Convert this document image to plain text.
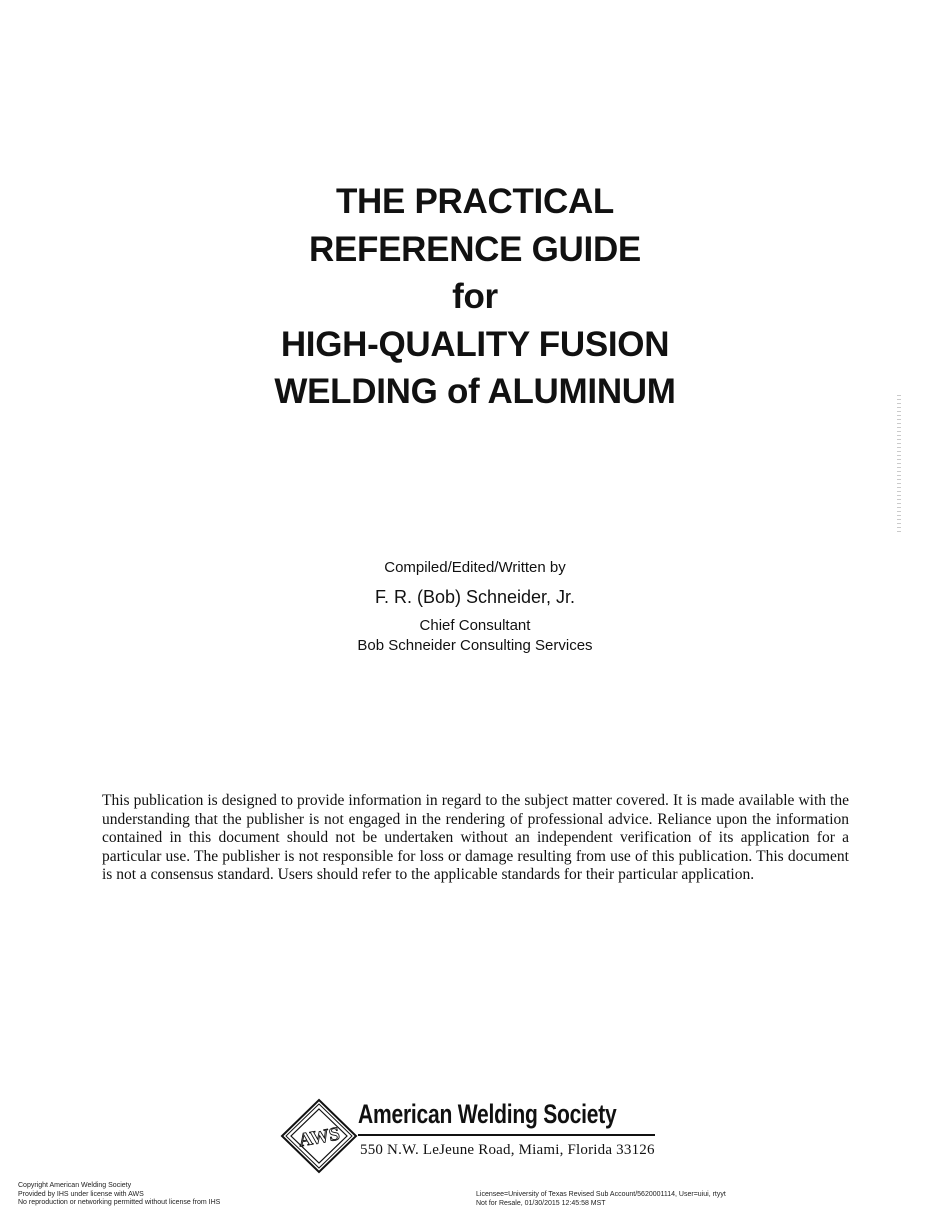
THE PRACTICAL
REFERENCE GUIDE
for
HIGH-QUALITY FUSION
WELDING of ALUMINUM
Compiled/Edited/Written by
F. R. (Bob) Schneider, Jr.
Chief Consultant
Bob Schneider Consulting Services
This publication is designed to provide information in regard to the subject matter covered. It is made available with the understanding that the publisher is not engaged in the rendering of professional advice. Reliance upon the information contained in this document should not be undertaken without an independent verification of its application for a particular use. The publisher is not responsible for loss or damage resulting from use of this publication. This document is not a consensus standard. Users should refer to the applicable standards for their particular application.
AWS
American Welding Society
550 N.W. LeJeune Road, Miami, Florida 33126
Copyright American Welding Society
Provided by IHS under license with AWS
No reproduction or networking permitted without license from IHS
Licensee=University of Texas Revised Sub Account/5620001114, User=uiui, rtyyt
Not for Resale, 01/30/2015 12:45:58 MST
